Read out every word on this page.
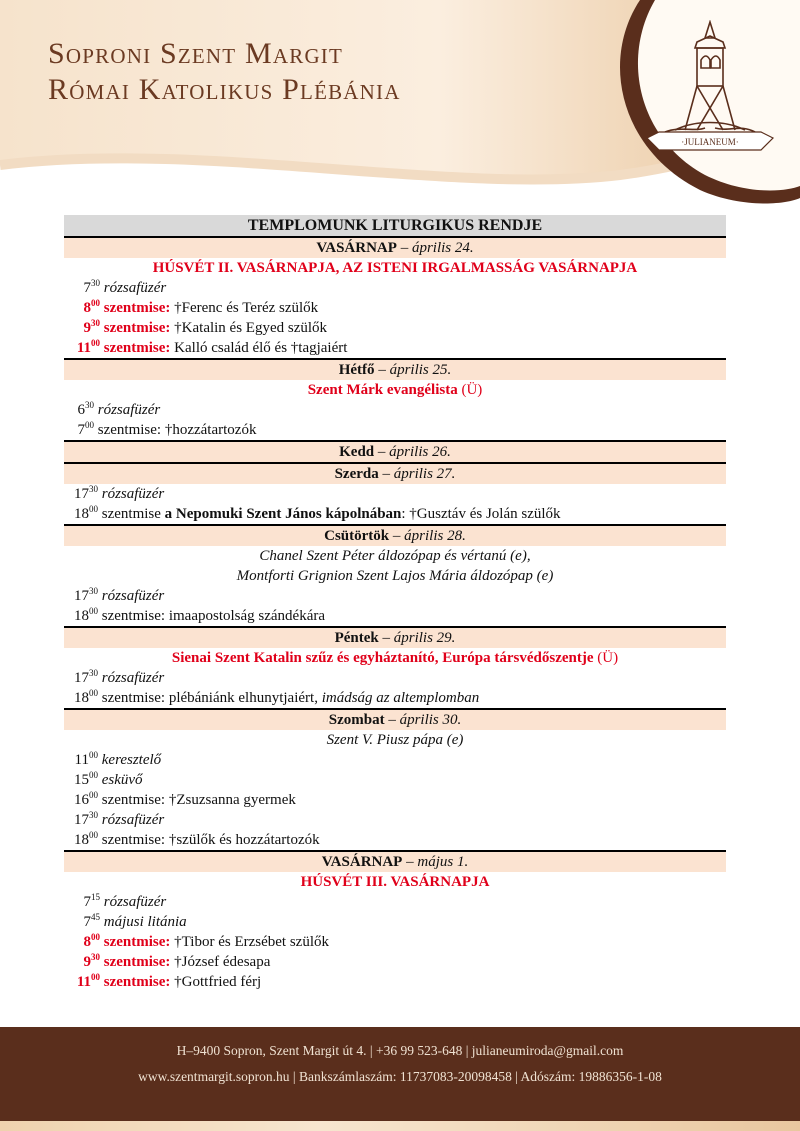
Soproni Szent Margit
Római Katolikus Plébánia
·JULIANEUM·
TEMPLOMUNK LITURGIKUS RENDJE
VASÁRNAP – április 24.
HÚSVÉT II. VASÁRNAPJA, AZ ISTENI IRGALMASSÁG VASÁRNAPJA
$7^{30}$ rózsafüzér
$8^{00}$ szentmise: †Ferenc és Teréz szülők
$9^{30}$ szentmise: †Katalin és Egyed szülők
$11^{00}$ szentmise: Kalló család élő és †tagjaiért
Hétfő – április 25.
Szent Márk evangélista (Ü)
$6^{30}$ rózsafüzér
$7^{00}$ szentmise: †hozzátartozók
Kedd – április 26.
Szerda – április 27.
$17^{30}$ rózsafüzér
$18^{00}$ szentmise a Nepomuki Szent János kápolnában: †Gusztáv és Jolán szülők
Csütörtök – április 28.
Chanel Szent Péter áldozópap és vértanú (e),
Montforti Grignion Szent Lajos Mária áldozópap (e)
$17^{30}$ rózsafüzér
$18^{00}$ szentmise: imaapostolság szándékára
Péntek – április 29.
Sienai Szent Katalin szűz és egyháztanító, Európa társvédőszentje (Ü)
$17^{30}$ rózsafüzér
$18^{00}$ szentmise: plébániánk elhunytjaiért, imádság az altemplomban
Szombat – április 30.
Szent V. Piusz pápa (e)
$11^{00}$ keresztelő
$15^{00}$ esküvő
$16^{00}$ szentmise: †Zsuzsanna gyermek
$17^{30}$ rózsafüzér
$18^{00}$ szentmise: †szülők és hozzátartozók
VASÁRNAP – május 1.
HÚSVÉT III. VASÁRNAPJA
$7^{15}$ rózsafüzér
$7^{45}$ májusi litánia
$8^{00}$ szentmise: †Tibor és Erzsébet szülők
$9^{30}$ szentmise: †József édesapa
$11^{00}$ szentmise: †Gottfried férj
H–9400 Sopron, Szent Margit út 4. | +36 99 523-648 | julianeumiroda@gmail.com
www.szentmargit.sopron.hu | Bankszámlaszám: 11737083-20098458 | Adószám: 19886356-1-08
